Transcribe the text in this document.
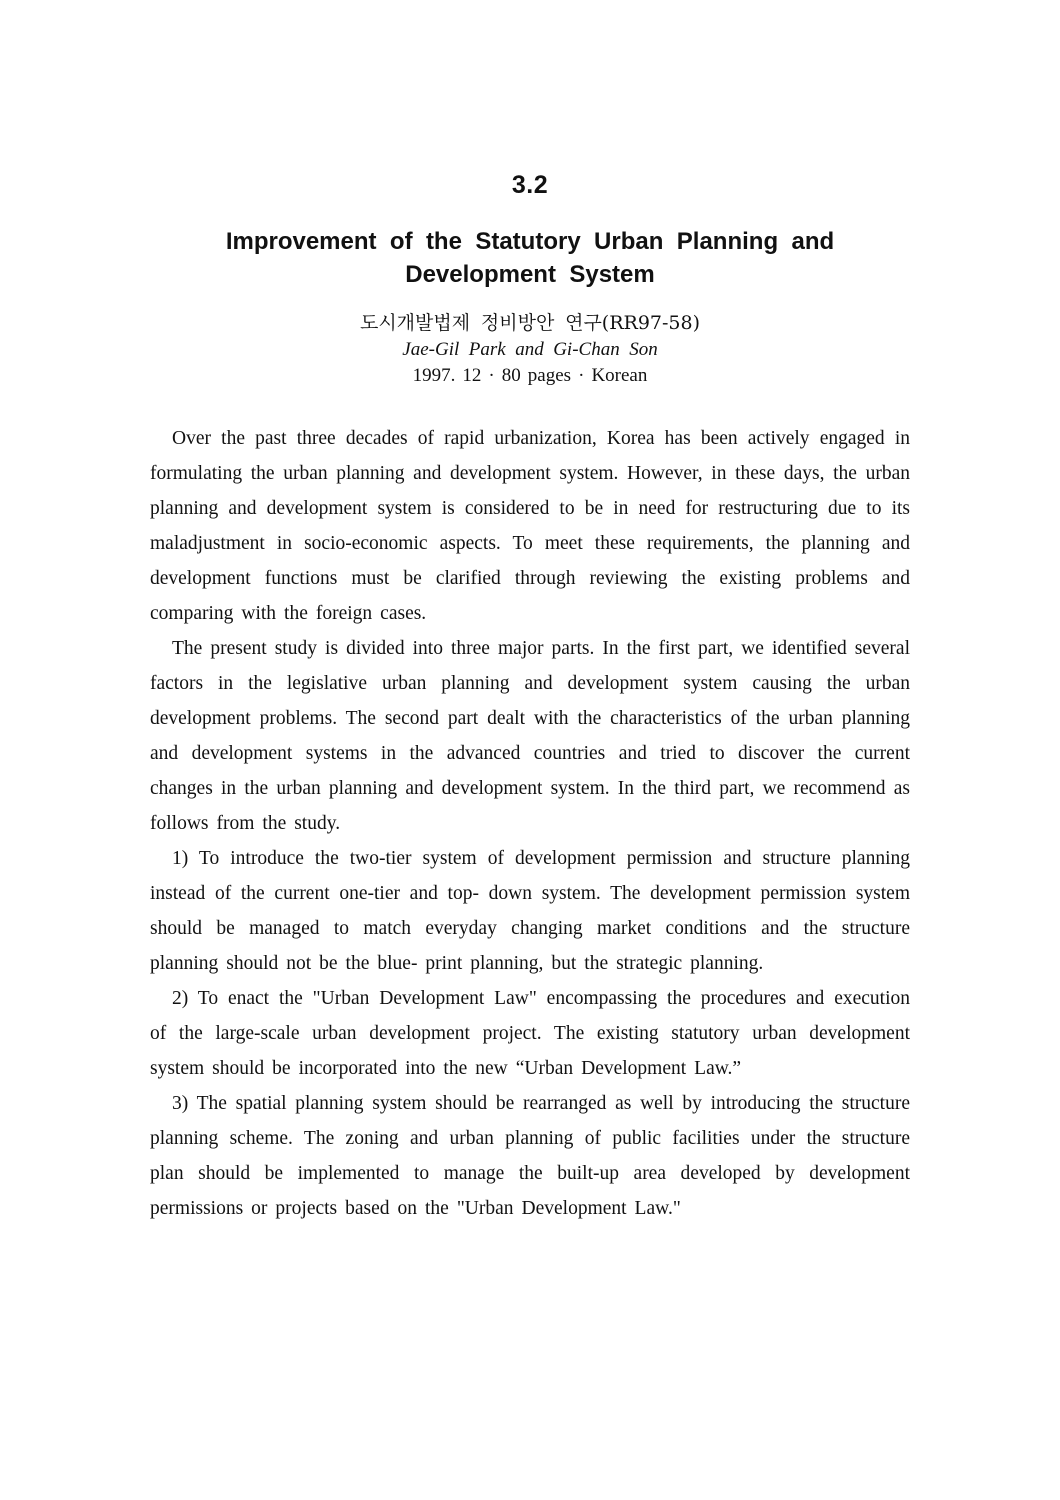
3.2
Improvement of the Statutory Urban Planning and
Development System
도시개발법제 정비방안 연구(RR97-58)
Jae-Gil Park and Gi-Chan Son
1997. 12 · 80 pages · Korean

Over the past three decades of rapid urbanization, Korea has been actively engaged in formulating the urban planning and development system. However, in these days, the urban planning and development system is considered to be in need for restructuring due to its maladjustment in socio-economic aspects. To meet these requirements, the planning and development functions must be clarified through reviewing the existing problems and comparing with the foreign cases.

The present study is divided into three major parts. In the first part, we identified several factors in the legislative urban planning and development system causing the urban development problems. The second part dealt with the characteristics of the urban planning and development systems in the advanced countries and tried to discover the current changes in the urban planning and development system. In the third part, we recommend as follows from the study.

1) To introduce the two-tier system of development permission and structure planning instead of the current one-tier and top- down system. The development permission system should be managed to match everyday changing market conditions and the structure planning should not be the blue- print planning, but the strategic planning.

2) To enact the "Urban Development Law" encompassing the procedures and execution of the large-scale urban development project. The existing statutory urban development system should be incorporated into the new “Urban Development Law.”

3) The spatial planning system should be rearranged as well by introducing the structure planning scheme. The zoning and urban planning of public facilities under the structure plan should be implemented to manage the built-up area developed by development permissions or projects based on the "Urban Development Law."
